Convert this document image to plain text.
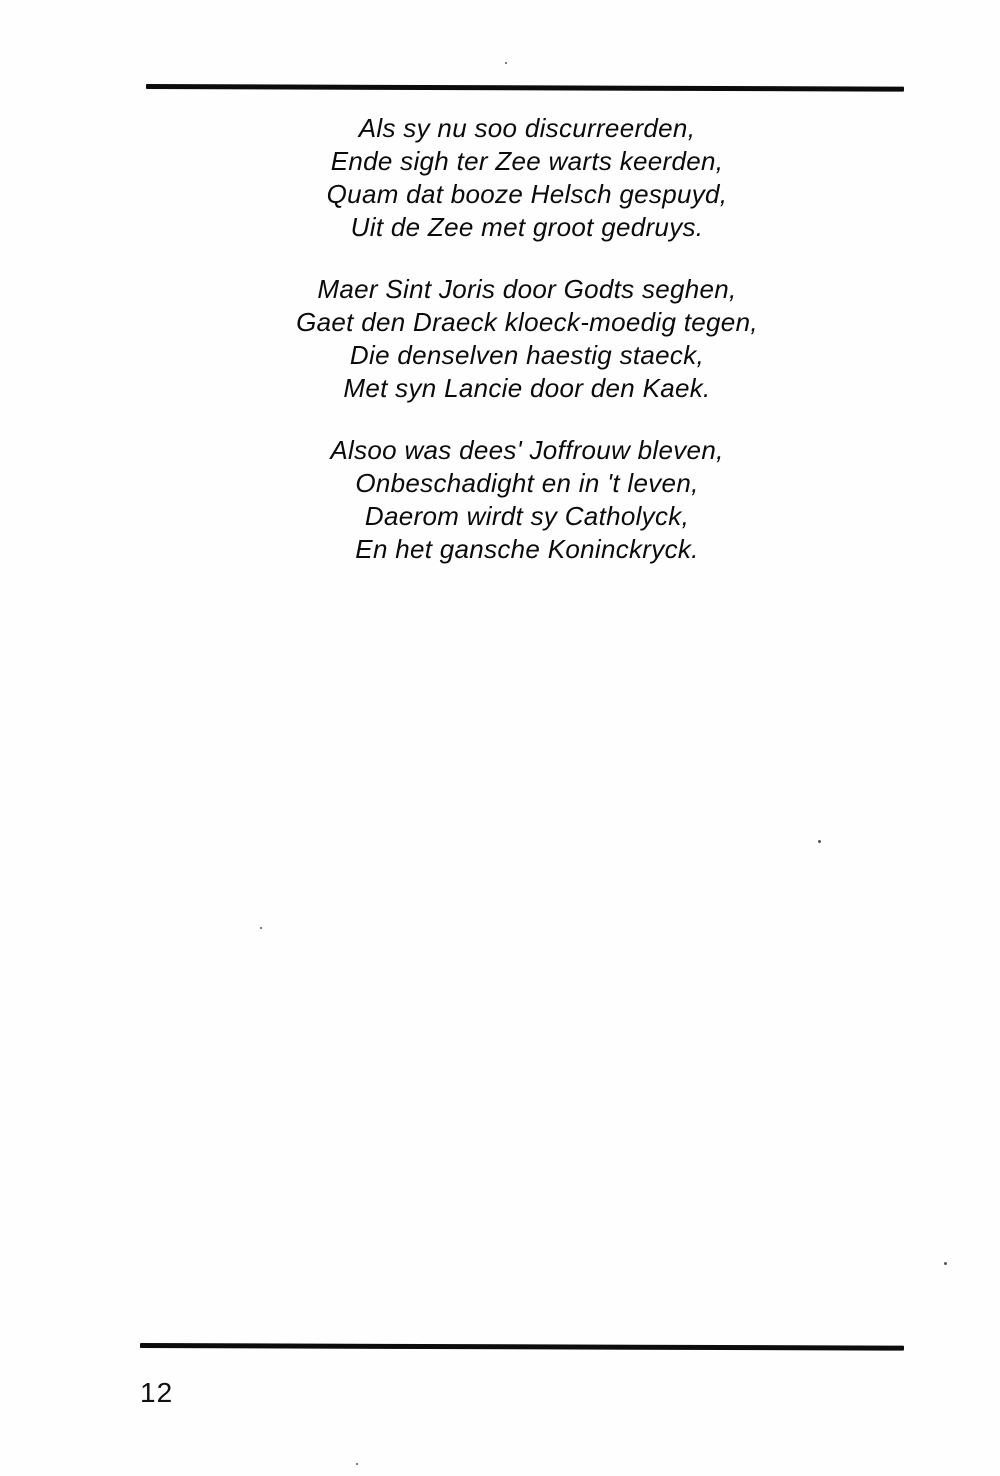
Als sy nu soo discurreerden,
Ende sigh ter Zee warts keerden,
Quam dat booze Helsch gespuyd,
Uit de Zee met groot gedruys.
Maer Sint Joris door Godts seghen,
Gaet den Draeck kloeck-moedig tegen,
Die denselven haestig staeck,
Met syn Lancie door den Kaek.
Alsoo was dees' Joffrouw bleven,
Onbeschadight en in 't leven,
Daerom wirdt sy Catholyck,
En het gansche Koninckryck.
12
